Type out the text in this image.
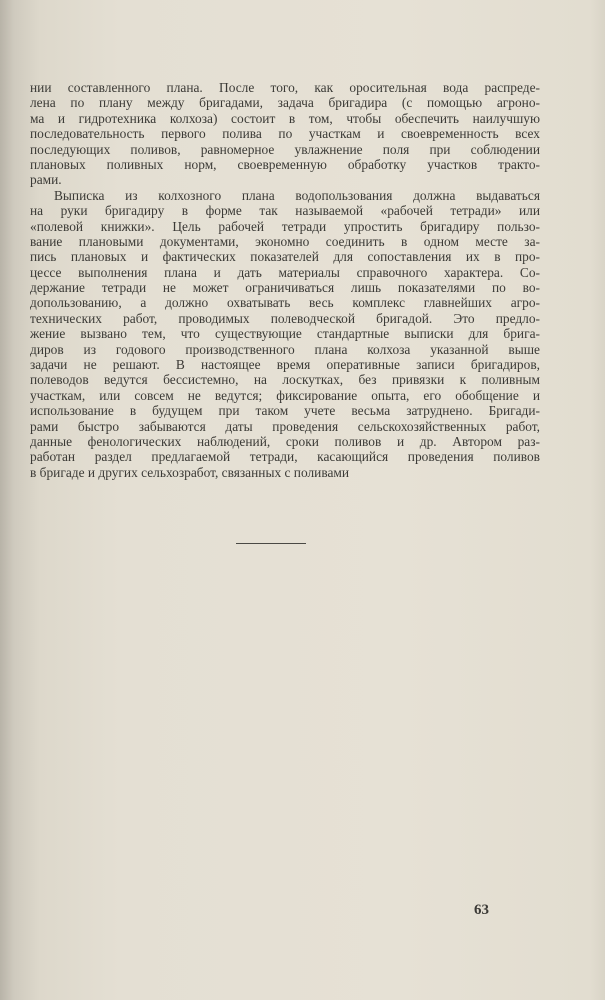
нии составленного плана. После того, как оросительная вода распреде-
лена по плану между бригадами, задача бригадира (с помощью агроно-
ма и гидротехника колхоза) состоит в том, чтобы обеспечить наилучшую
последовательность первого полива по участкам и своевременность всех
последующих поливов, равномерное увлажнение поля при соблюдении
плановых поливных норм, своевременную обработку участков тракто-
рами.
Выписка из колхозного плана водопользования должна выдаваться
на руки бригадиру в форме так называемой «рабочей тетради» или
«полевой книжки». Цель рабочей тетради упростить бригадиру пользо-
вание плановыми документами, экономно соединить в одном месте за-
пись плановых и фактических показателей для сопоставления их в про-
цессе выполнения плана и дать материалы справочного характера. Со-
держание тетради не может ограничиваться лишь показателями по во-
допользованию, а должно охватывать весь комплекс главнейших агро-
технических работ, проводимых полеводческой бригадой. Это предло-
жение вызвано тем, что существующие стандартные выписки для брига-
диров из годового производственного плана колхоза указанной выше
задачи не решают. В настоящее время оперативные записи бригадиров,
полеводов ведутся бессистемно, на лоскутках, без привязки к поливным
участкам, или совсем не ведутся; фиксирование опыта, его обобщение и
использование в будущем при таком учете весьма затруднено. Бригади-
рами быстро забываются даты проведения сельскохозяйственных работ,
данные фенологических наблюдений, сроки поливов и др. Автором раз-
работан раздел предлагаемой тетради, касающийся проведения поливов
в бригаде и других сельхозработ, связанных с поливами
63
